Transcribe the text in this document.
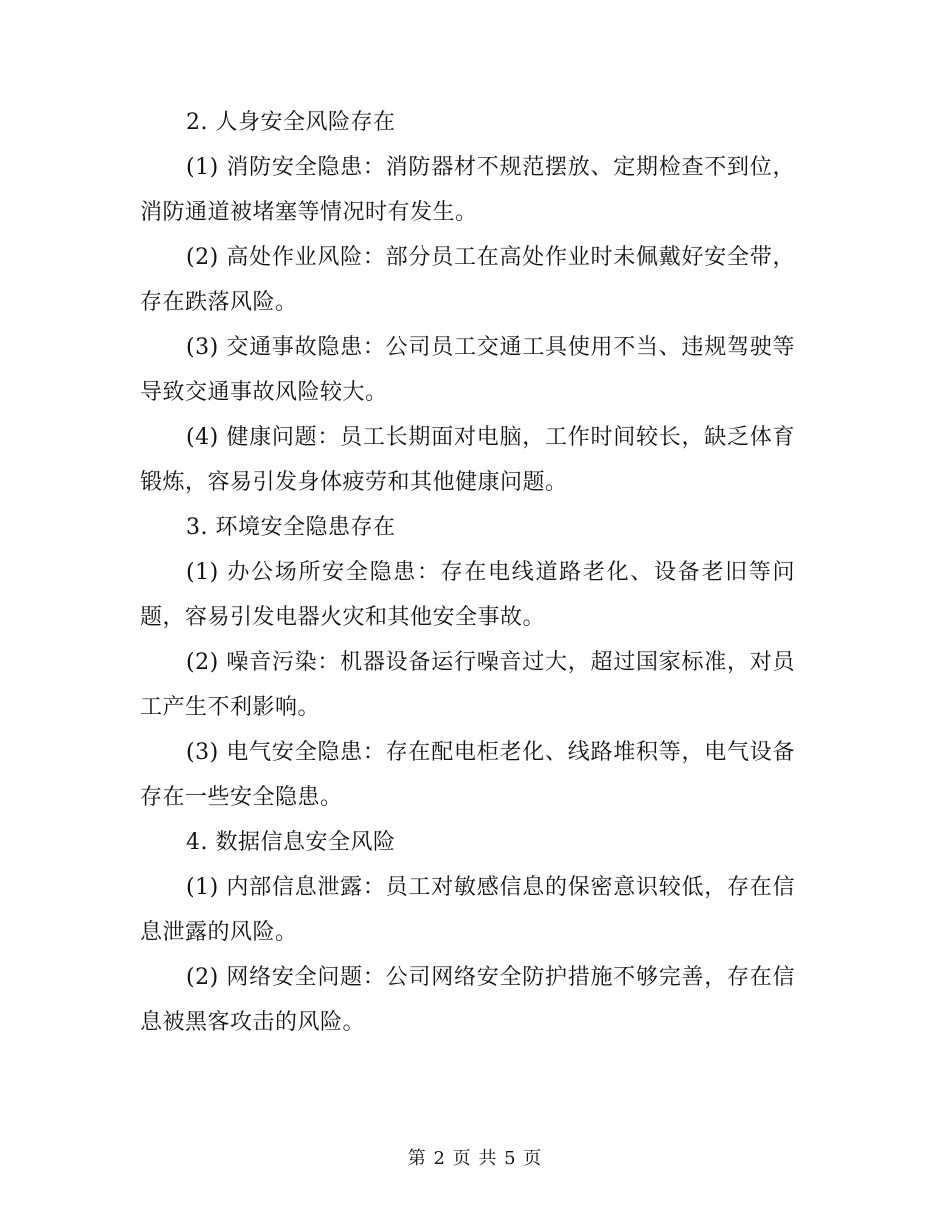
2. 人身安全风险存在

(1) 消防安全隐患：消防器材不规范摆放、定期检查不到位，消防通道被堵塞等情况时有发生。

(2) 高处作业风险：部分员工在高处作业时未佩戴好安全带，存在跌落风险。

(3) 交通事故隐患：公司员工交通工具使用不当、违规驾驶等导致交通事故风险较大。

(4) 健康问题：员工长期面对电脑，工作时间较长，缺乏体育锻炼，容易引发身体疲劳和其他健康问题。

3. 环境安全隐患存在

(1) 办公场所安全隐患：存在电线道路老化、设备老旧等问题，容易引发电器火灾和其他安全事故。

(2) 噪音污染：机器设备运行噪音过大，超过国家标准，对员工产生不利影响。

(3) 电气安全隐患：存在配电柜老化、线路堆积等，电气设备存在一些安全隐患。

4. 数据信息安全风险

(1) 内部信息泄露：员工对敏感信息的保密意识较低，存在信息泄露的风险。

(2) 网络安全问题：公司网络安全防护措施不够完善，存在信息被黑客攻击的风险。

第 2 页 共 5 页
